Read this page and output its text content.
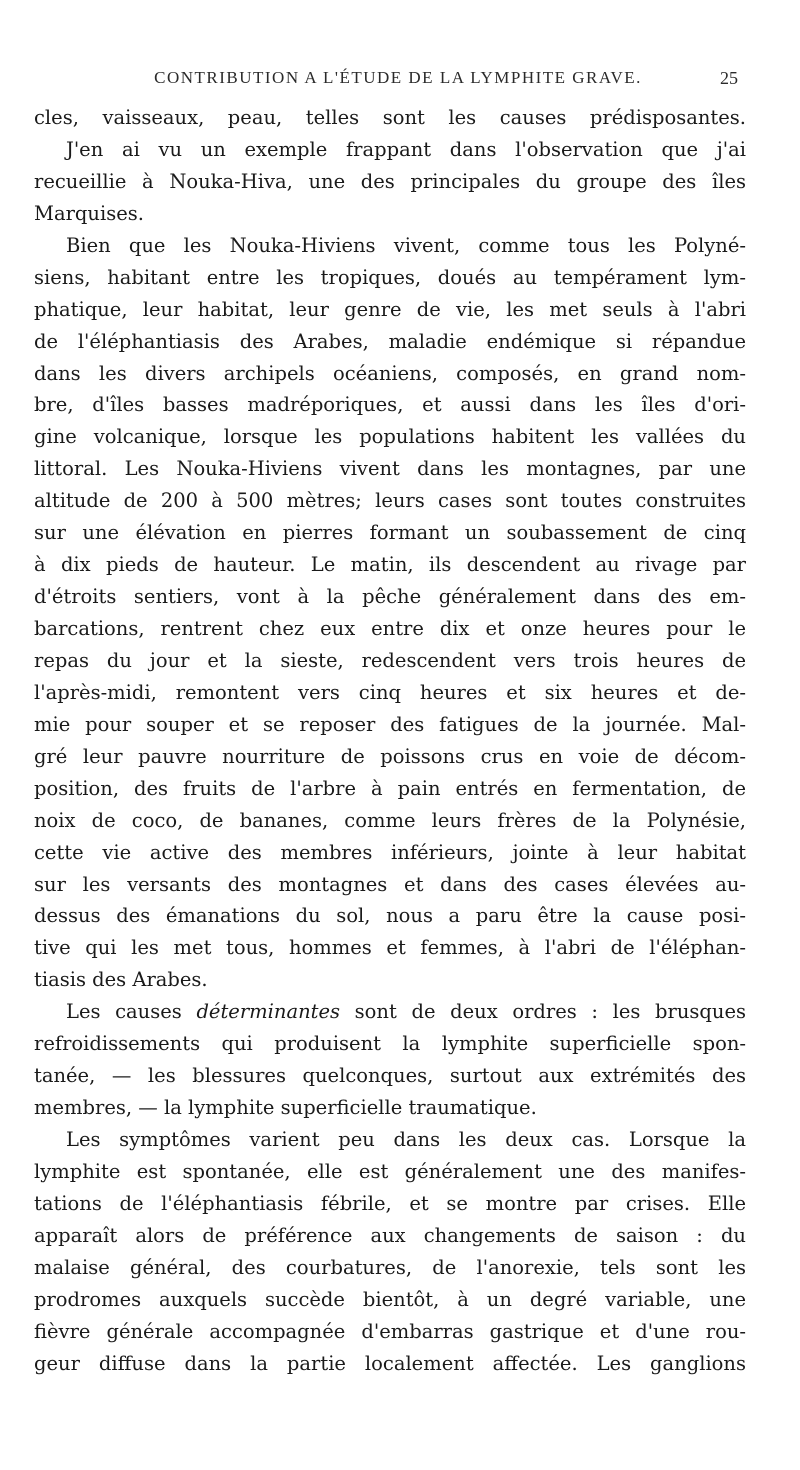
CONTRIBUTION A L'ÉTUDE DE LA LYMPHITE GRAVE.	25
cles, vaisseaux, peau, telles sont les causes prédisposantes.
J'en ai vu un exemple frappant dans l'observation que j'ai
recueillie à Nouka-Hiva, une des principales du groupe des îles
Marquises.
Bien que les Nouka-Hiviens vivent, comme tous les Polyné-
siens, habitant entre les tropiques, doués au tempérament lym-
phatique, leur habitat, leur genre de vie, les met seuls à l'abri
de l'éléphantiasis des Arabes, maladie endémique si répandue
dans les divers archipels océaniens, composés, en grand nom-
bre, d'îles basses madréporiques, et aussi dans les îles d'ori-
gine volcanique, lorsque les populations habitent les vallées du
littoral. Les Nouka-Hiviens vivent dans les montagnes, par une
altitude de 200 à 500 mètres; leurs cases sont toutes construites
sur une élévation en pierres formant un soubassement de cinq
à dix pieds de hauteur. Le matin, ils descendent au rivage par
d'étroits sentiers, vont à la pêche généralement dans des em-
barcations, rentrent chez eux entre dix et onze heures pour le
repas du jour et la sieste, redescendent vers trois heures de
l'après-midi, remontent vers cinq heures et six heures et de-
mie pour souper et se reposer des fatigues de la journée. Mal-
gré leur pauvre nourriture de poissons crus en voie de décom-
position, des fruits de l'arbre à pain entrés en fermentation, de
noix de coco, de bananes, comme leurs frères de la Polynésie,
cette vie active des membres inférieurs, jointe à leur habitat
sur les versants des montagnes et dans des cases élevées au-
dessus des émanations du sol, nous a paru être la cause posi-
tive qui les met tous, hommes et femmes, à l'abri de l'éléphan-
tiasis des Arabes.
Les causes déterminantes sont de deux ordres : les brusques
refroidissements qui produisent la lymphite superficielle spon-
tanée, — les blessures quelconques, surtout aux extrémités des
membres, — la lymphite superficielle traumatique.
Les symptômes varient peu dans les deux cas. Lorsque la
lymphite est spontanée, elle est généralement une des manifes-
tations de l'éléphantiasis fébrile, et se montre par crises. Elle
apparaît alors de préférence aux changements de saison : du
malaise général, des courbatures, de l'anorexie, tels sont les
prodromes auxquels succède bientôt, à un degré variable, une
fièvre générale accompagnée d'embarras gastrique et d'une rou-
geur diffuse dans la partie localement affectée. Les ganglions
